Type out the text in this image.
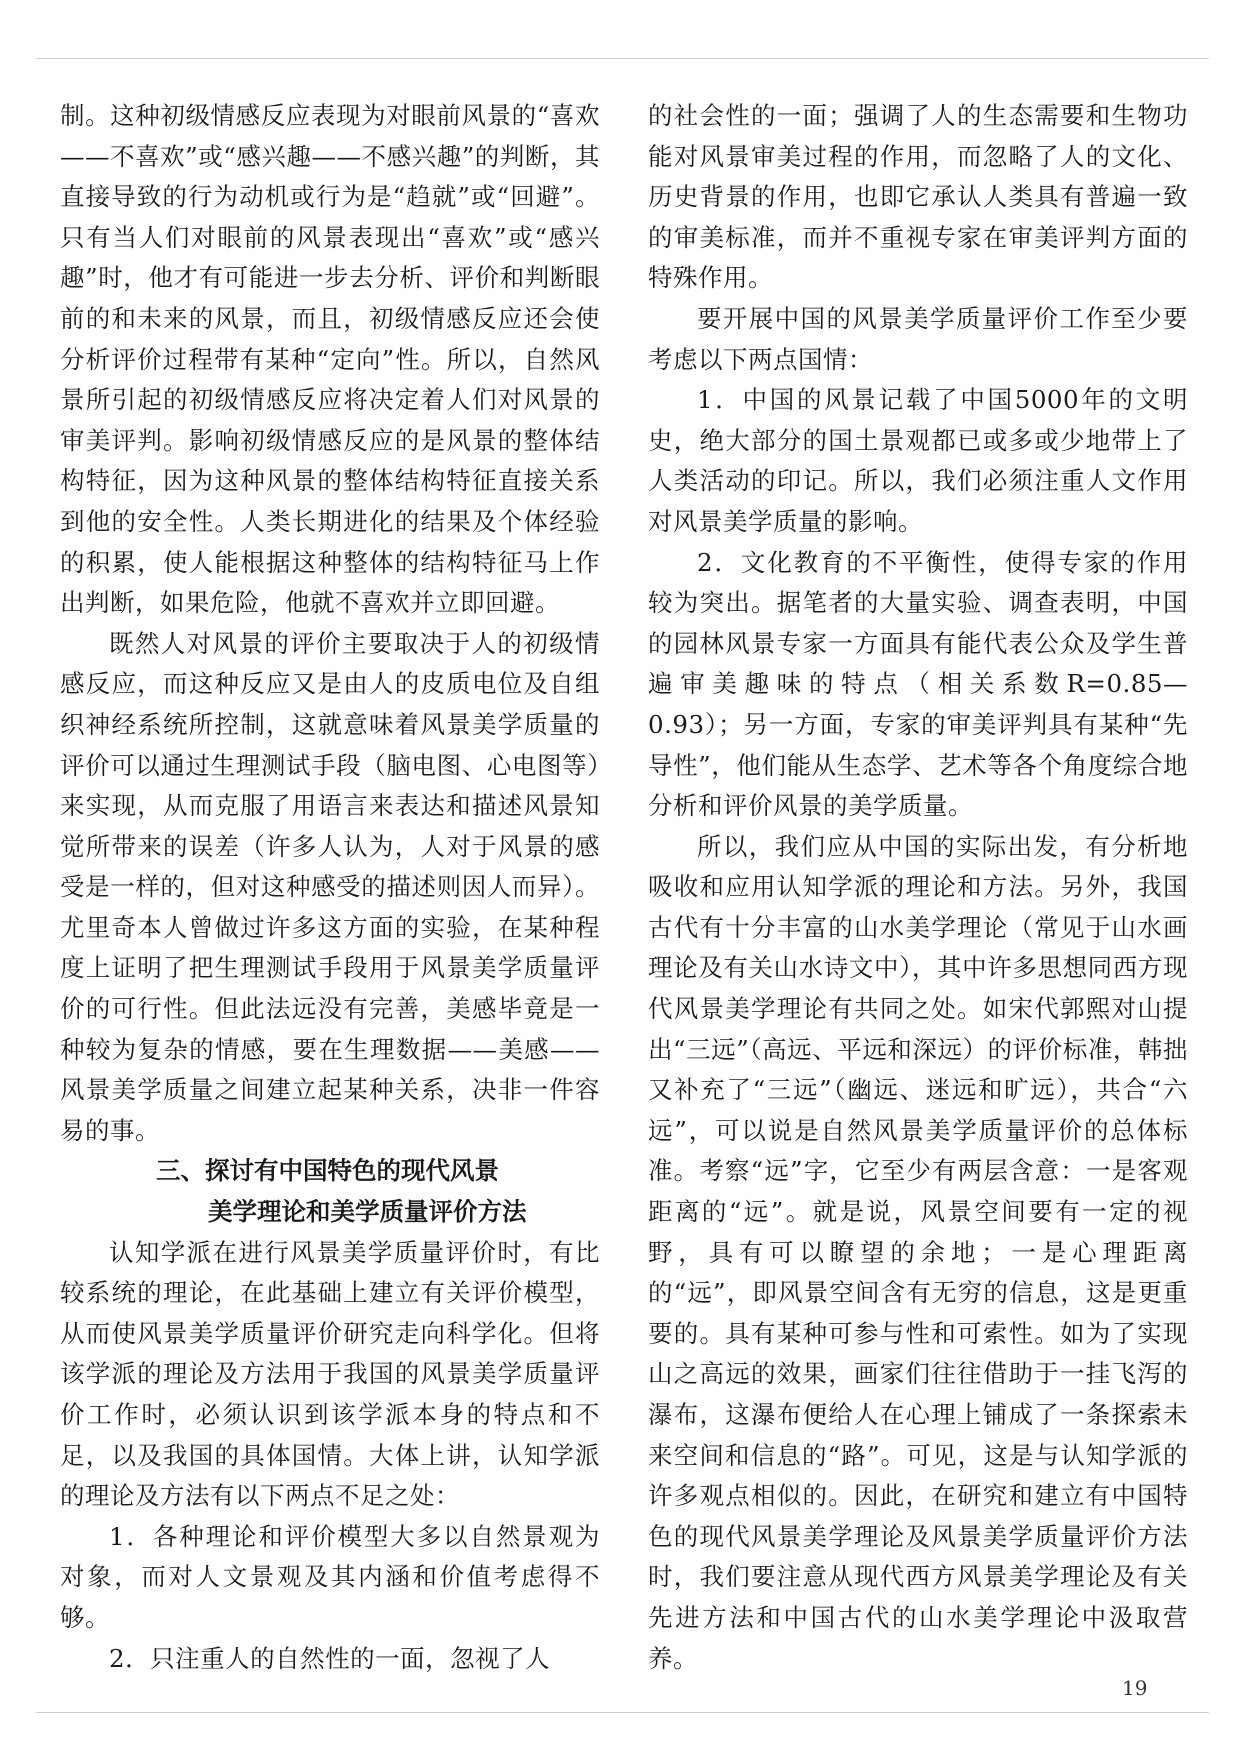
制。这种初级情感反应表现为对眼前风景的“喜欢——不喜欢”或“感兴趣——不感兴趣”的判断，其直接导致的行为动机或行为是“趋就”或“回避”。只有当人们对眼前的风景表现出“喜欢”或“感兴趣”时，他才有可能进一步去分析、评价和判断眼前的和未来的风景，而且，初级情感反应还会使分析评价过程带有某种“定向”性。所以，自然风景所引起的初级情感反应将决定着人们对风景的审美评判。影响初级情感反应的是风景的整体结构特征，因为这种风景的整体结构特征直接关系到他的安全性。人类长期进化的结果及个体经验的积累，使人能根据这种整体的结构特征马上作出判断，如果危险，他就不喜欢并立即回避。

既然人对风景的评价主要取决于人的初级情感反应，而这种反应又是由人的皮质电位及自组织神经系统所控制，这就意味着风景美学质量的评价可以通过生理测试手段（脑电图、心电图等）来实现，从而克服了用语言来表达和描述风景知觉所带来的误差（许多人认为，人对于风景的感受是一样的，但对这种感受的描述则因人而异）。尤里奇本人曾做过许多这方面的实验，在某种程度上证明了把生理测试手段用于风景美学质量评价的可行性。但此法远没有完善，美感毕竟是一种较为复杂的情感，要在生理数据——美感——风景美学质量之间建立起某种关系，决非一件容易的事。

三、探讨有中国特色的现代风景
美学理论和美学质量评价方法

认知学派在进行风景美学质量评价时，有比较系统的理论，在此基础上建立有关评价模型，从而使风景美学质量评价研究走向科学化。但将该学派的理论及方法用于我国的风景美学质量评价工作时，必须认识到该学派本身的特点和不足，以及我国的具体国情。大体上讲，认知学派的理论及方法有以下两点不足之处：

1．各种理论和评价模型大多以自然景观为对象，而对人文景观及其内涵和价值考虑得不够。

2．只注重人的自然性的一面，忽视了人

的社会性的一面；强调了人的生态需要和生物功能对风景审美过程的作用，而忽略了人的文化、历史背景的作用，也即它承认人类具有普遍一致的审美标准，而并不重视专家在审美评判方面的特殊作用。

要开展中国的风景美学质量评价工作至少要考虑以下两点国情：

1．中国的风景记载了中国5000年的文明史，绝大部分的国土景观都已或多或少地带上了人类活动的印记。所以，我们必须注重人文作用对风景美学质量的影响。

2．文化教育的不平衡性，使得专家的作用较为突出。据笔者的大量实验、调查表明，中国的园林风景专家一方面具有能代表公众及学生普遍审美趣味的特点（相关系数R=0.85—0.93）；另一方面，专家的审美评判具有某种“先导性”，他们能从生态学、艺术等各个角度综合地分析和评价风景的美学质量。

所以，我们应从中国的实际出发，有分析地吸收和应用认知学派的理论和方法。另外，我国古代有十分丰富的山水美学理论（常见于山水画理论及有关山水诗文中），其中许多思想同西方现代风景美学理论有共同之处。如宋代郭熙对山提出“三远”（高远、平远和深远）的评价标准，韩拙又补充了“三远”（幽远、迷远和旷远），共合“六远”，可以说是自然风景美学质量评价的总体标准。考察“远”字，它至少有两层含意：一是客观距离的“远”。就是说，风景空间要有一定的视野，具有可以瞭望的余地；一是心理距离的“远”，即风景空间含有无穷的信息，这是更重要的。具有某种可参与性和可索性。如为了实现山之高远的效果，画家们往往借助于一挂飞泻的瀑布，这瀑布便给人在心理上铺成了一条探索未来空间和信息的“路”。可见，这是与认知学派的许多观点相似的。因此，在研究和建立有中国特色的现代风景美学理论及风景美学质量评价方法时，我们要注意从现代西方风景美学理论及有关先进方法和中国古代的山水美学理论中汲取营养。

19
